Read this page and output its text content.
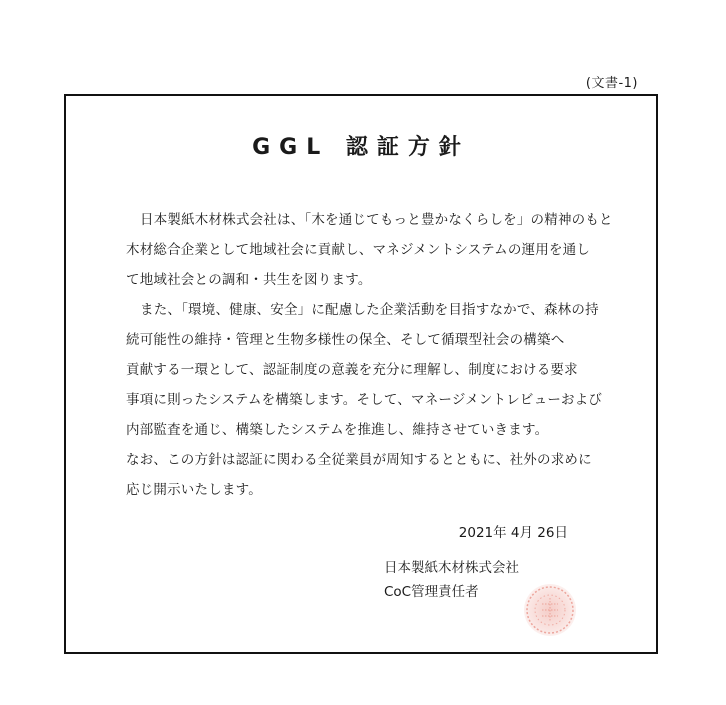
(文書-1)
GGL 認証方針
日本製紙木材株式会社は、「木を通じてもっと豊かなくらしを」の精神のもと
木材総合企業として地域社会に貢献し、マネジメントシステムの運用を通し
て地域社会との調和・共生を図ります。
また、「環境、健康、安全」に配慮した企業活動を目指すなかで、森林の持
続可能性の維持・管理と生物多様性の保全、そして循環型社会の構築へ
貢献する一環として、認証制度の意義を充分に理解し、制度における要求
事項に則ったシステムを構築します。そして、マネージメントレビューおよび
内部監査を通じ、構築したシステムを推進し、維持させていきます。
なお、この方針は認証に関わる全従業員が周知するとともに、社外の求めに
応じ開示いたします。
2021年 4月 26日
日本製紙木材株式会社
CoC管理責任者
